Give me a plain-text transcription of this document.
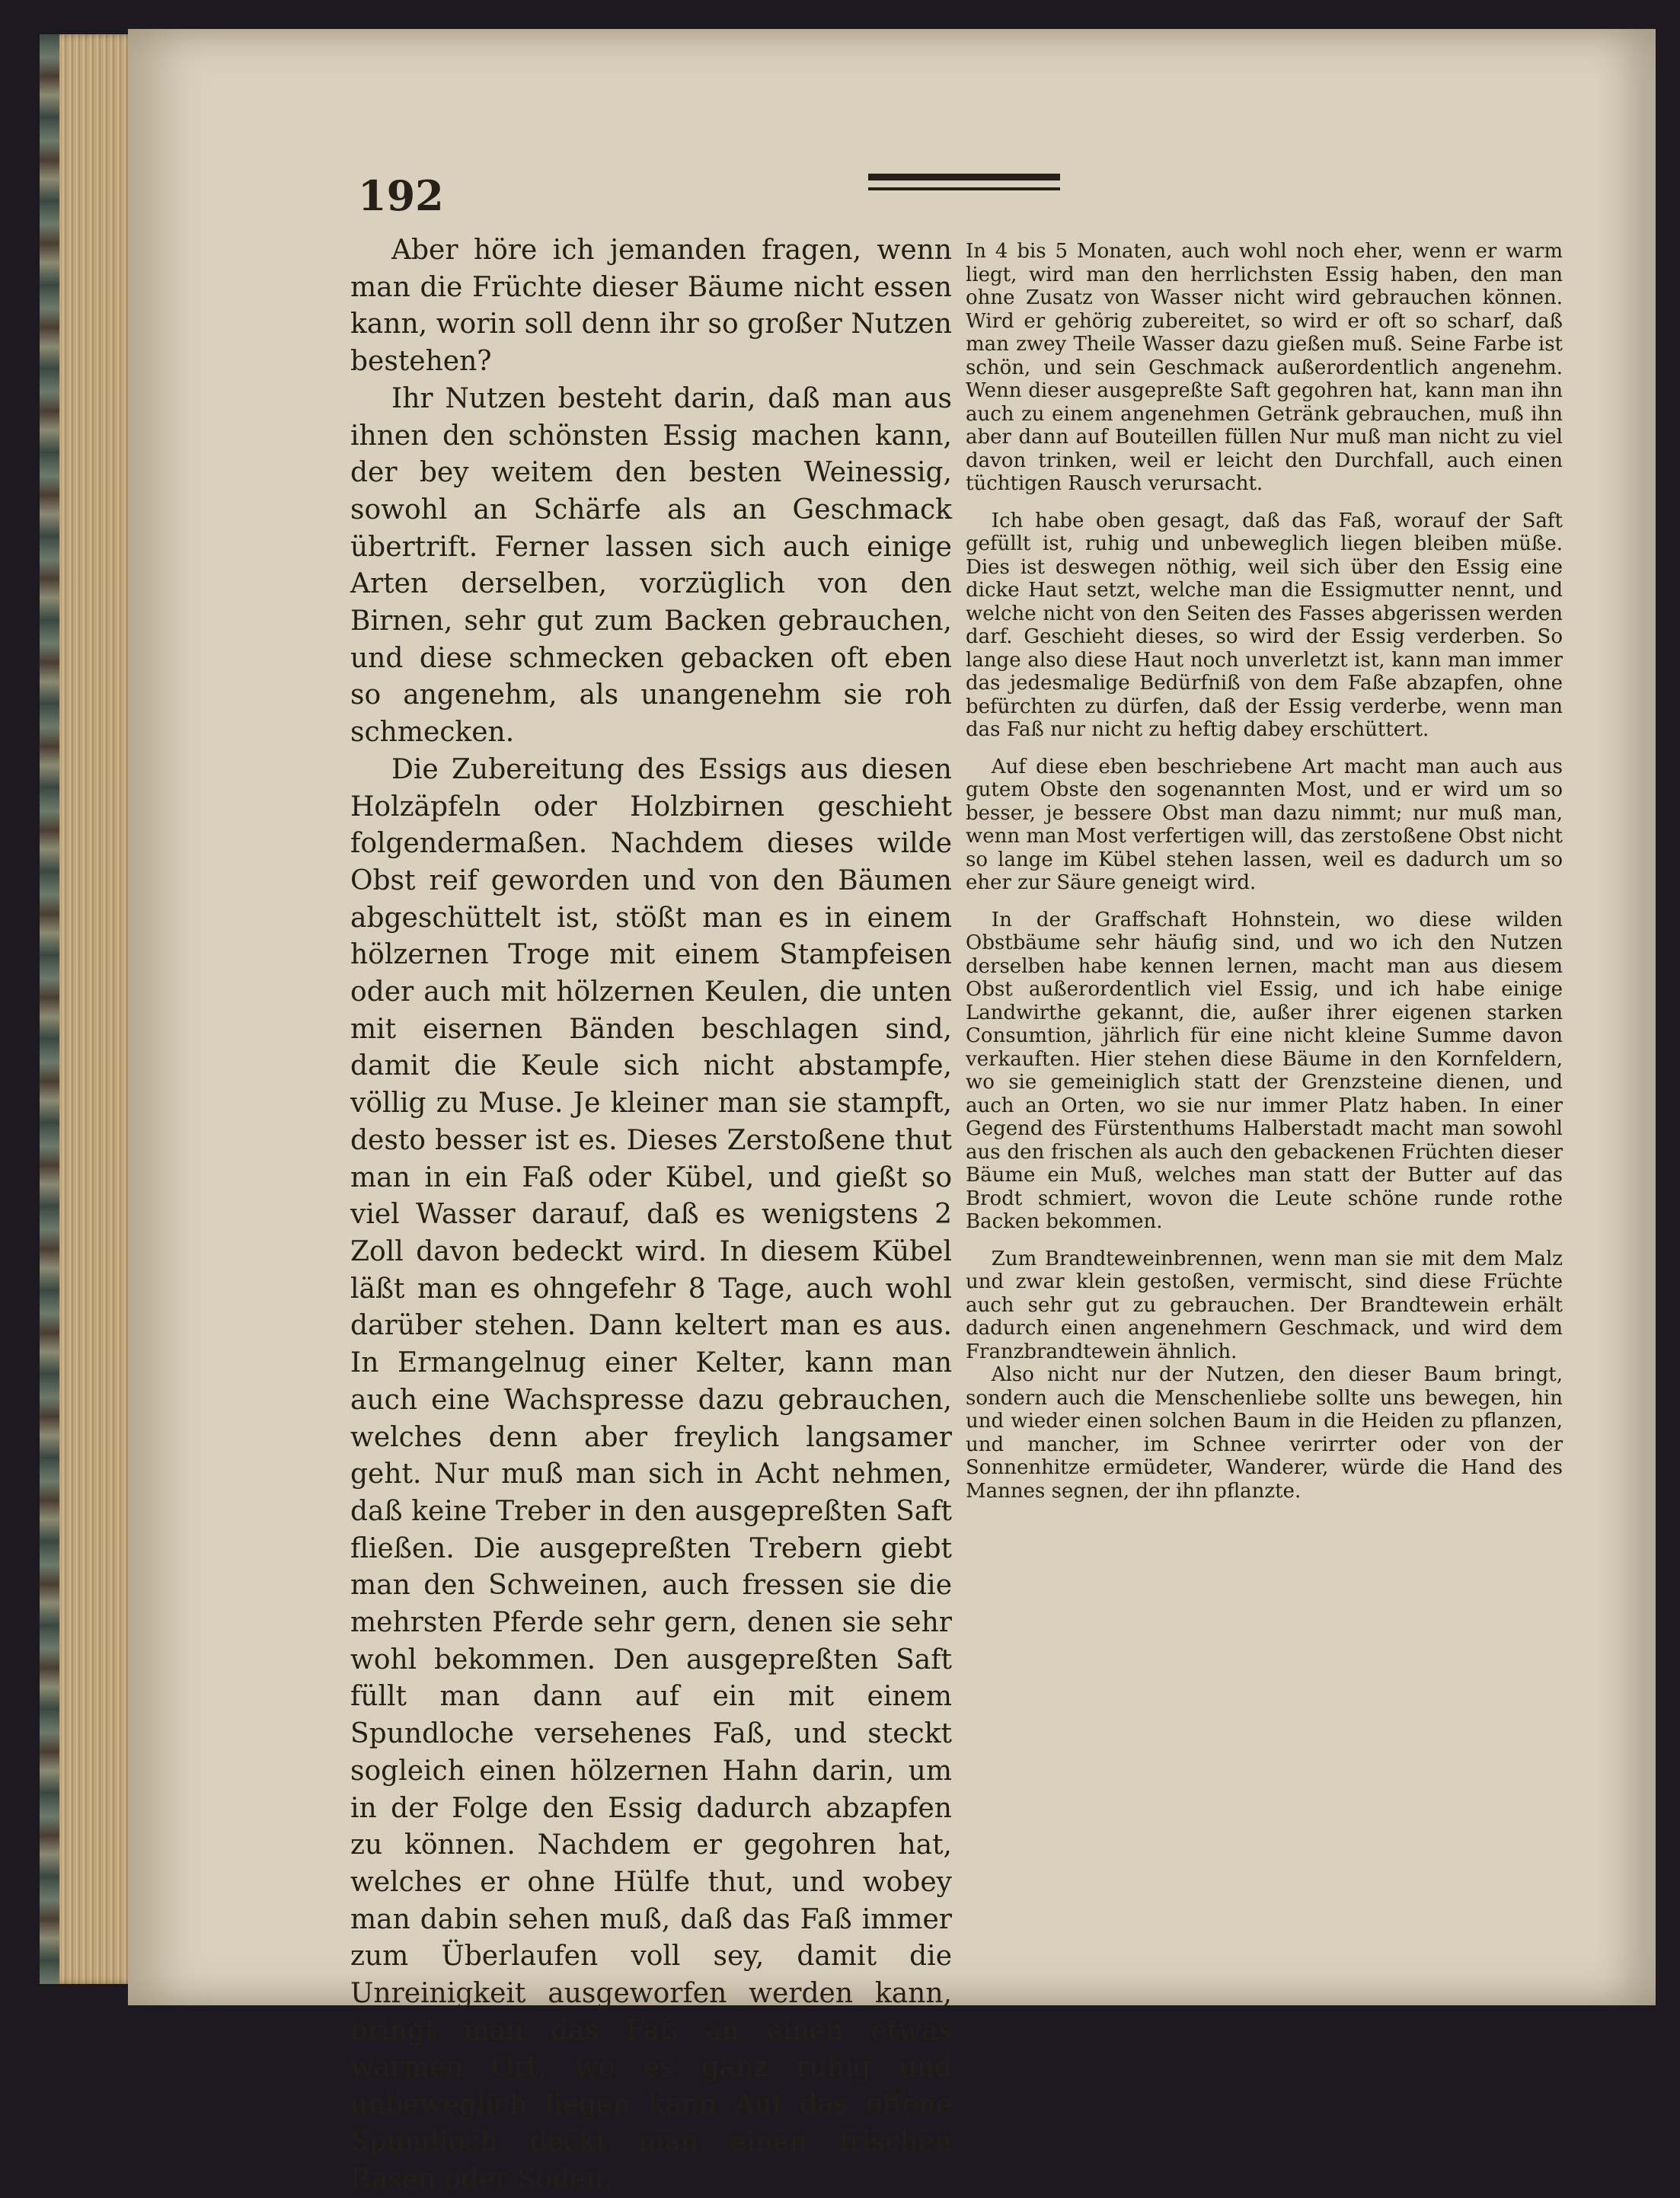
192

Aber höre ich jemanden fragen, wenn man die Früchte dieser Bäume nicht essen kann, worin soll denn ihr so großer Nutzen bestehen?

Ihr Nutzen besteht darin, daß man aus ihnen den schönsten Essig machen kann, der bey weitem den besten Weinessig, sowohl an Schärfe als an Geschmack übertrift. Ferner lassen sich auch einige Arten derselben, vorzüglich von den Birnen, sehr gut zum Backen gebrauchen, und diese schmecken gebacken oft eben so angenehm, als unangenehm sie roh schmecken.

Die Zubereitung des Essigs aus diesen Holzäpfeln oder Holzbirnen geschieht folgendermaßen. Nachdem dieses wilde Obst reif geworden und von den Bäumen abgeschüttelt ist, stößt man es in einem hölzernen Troge mit einem Stampfeisen oder auch mit hölzernen Keulen, die unten mit eisernen Bänden beschlagen sind, damit die Keule sich nicht abstampfe, völlig zu Muse. Je kleiner man sie stampft, desto besser ist es. Dieses Zerstoßene thut man in ein Faß oder Kübel, und gießt so viel Wasser darauf, daß es wenigstens 2 Zoll davon bedeckt wird. In diesem Kübel läßt man es ohngefehr 8 Tage, auch wohl darüber stehen. Dann keltert man es aus. In Ermangelnug einer Kelter, kann man auch eine Wachspresse dazu gebrauchen, welches denn aber freylich langsamer geht. Nur muß man sich in Acht nehmen, daß keine Treber in den ausgepreßten Saft fließen. Die ausgepreßten Trebern giebt man den Schweinen, auch fressen sie die mehrsten Pferde sehr gern, denen sie sehr wohl bekommen. Den ausgepreßten Saft füllt man dann auf ein mit einem Spundloche versehenes Faß, und steckt sogleich einen hölzernen Hahn darin, um in der Folge den Essig dadurch abzapfen zu können. Nachdem er gegohren hat, welches er ohne Hülfe thut, und wobey man dabin sehen muß, daß das Faß immer zum Überlaufen voll sey, damit die Unreinigkeit ausgeworfen werden kann, bringt man das Faß an einen etwas warmen Ort, wo es ganz ruhig und unbeweglich liegen kann Auf das offene Spundloch deckt man einen frischen Rasen oder Soden.

In 4 bis 5 Monaten, auch wohl noch eher, wenn er warm liegt, wird man den herrlichsten Essig haben, den man ohne Zusatz von Wasser nicht wird gebrauchen können. Wird er gehörig zubereitet, so wird er oft so scharf, daß man zwey Theile Wasser dazu gießen muß. Seine Farbe ist schön, und sein Geschmack außerordentlich angenehm. Wenn dieser ausgepreßte Saft gegohren hat, kann man ihn auch zu einem angenehmen Getränk gebrauchen, muß ihn aber dann auf Bouteillen füllen Nur muß man nicht zu viel davon trinken, weil er leicht den Durchfall, auch einen tüchtigen Rausch verursacht.

Ich habe oben gesagt, daß das Faß, worauf der Saft gefüllt ist, ruhig und unbeweglich liegen bleiben müße. Dies ist deswegen nöthig, weil sich über den Essig eine dicke Haut setzt, welche man die Essigmutter nennt, und welche nicht von den Seiten des Fasses abgerissen werden darf. Geschieht dieses, so wird der Essig verderben. So lange also diese Haut noch unverletzt ist, kann man immer das jedesmalige Bedürfniß von dem Faße abzapfen, ohne befürchten zu dürfen, daß der Essig verderbe, wenn man das Faß nur nicht zu heftig dabey erschüttert.

Auf diese eben beschriebene Art macht man auch aus gutem Obste den sogenannten Most, und er wird um so besser, je bessere Obst man dazu nimmt; nur muß man, wenn man Most verfertigen will, das zerstoßene Obst nicht so lange im Kübel stehen lassen, weil es dadurch um so eher zur Säure geneigt wird.

In der Graffschaft Hohnstein, wo diese wilden Obstbäume sehr häufig sind, und wo ich den Nutzen derselben habe kennen lernen, macht man aus diesem Obst außerordentlich viel Essig, und ich habe einige Landwirthe gekannt, die, außer ihrer eigenen starken Consumtion, jährlich für eine nicht kleine Summe davon verkauften. Hier stehen diese Bäume in den Kornfeldern, wo sie gemeiniglich statt der Grenzsteine dienen, und auch an Orten, wo sie nur immer Platz haben. In einer Gegend des Fürstenthums Halberstadt macht man sowohl aus den frischen als auch den gebackenen Früchten dieser Bäume ein Muß, welches man statt der Butter auf das Brodt schmiert, wovon die Leute schöne runde rothe Backen bekommen.

Zum Brandteweinbrennen, wenn man sie mit dem Malz und zwar klein gestoßen, vermischt, sind diese Früchte auch sehr gut zu gebrauchen. Der Brandtewein erhält dadurch einen angenehmern Geschmack, und wird dem Franzbrandtewein ähnlich.

Also nicht nur der Nutzen, den dieser Baum bringt, sondern auch die Menschenliebe sollte uns bewegen, hin und wieder einen solchen Baum in die Heiden zu pflanzen, und mancher, im Schnee verirrter oder von der Sonnenhitze ermüdeter, Wanderer, würde die Hand des Mannes segnen, der ihn pflanzte.
